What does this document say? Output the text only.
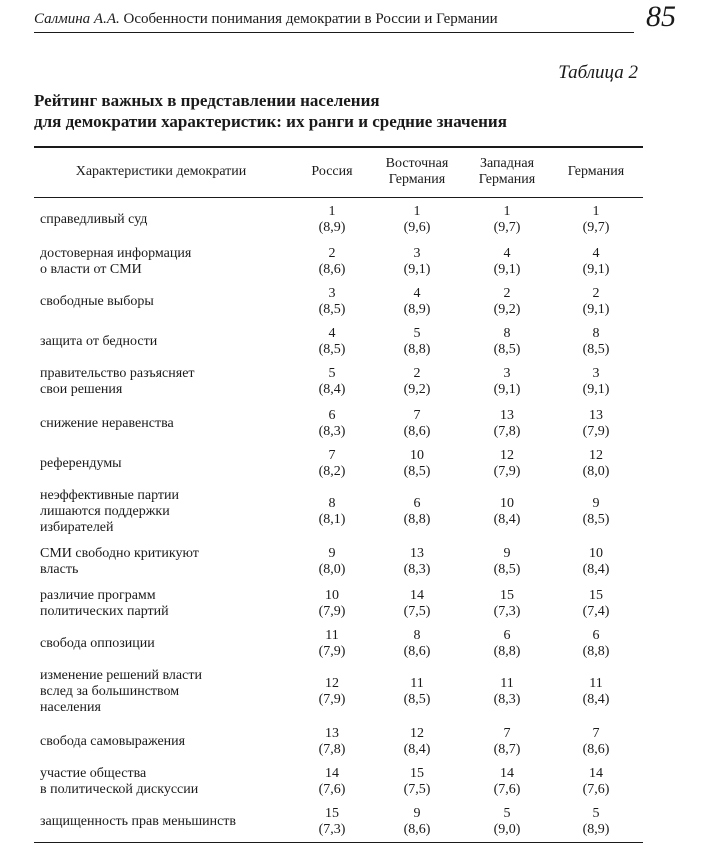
Салмина А.А. Особенности понимания демократии в России и Германии	85
Таблица 2
Рейтинг важных в представлении населения
для демократии характеристик: их ранги и средние значения
Характеристики демократии	Россия
Восточная
Германия
Западная
Германия
Германия
справедливый суд
1
(8,9)
1
(9,6)
1
(9,7)
1
(9,7)
достоверная информация
о власти от СМИ
2
(8,6)
3
(9,1)
4
(9,1)
4
(9,1)
свободные выборы
3
(8,5)
4
(8,9)
2
(9,2)
2
(9,1)
защита от бедности
4
(8,5)
5
(8,8)
8
(8,5)
8
(8,5)
правительство разъясняет
свои решения
5
(8,4)
2
(9,2)
3
(9,1)
3
(9,1)
снижение неравенства
6
(8,3)
7
(8,6)
13
(7,8)
13
(7,9)
референдумы
7
(8,2)
10
(8,5)
12
(7,9)
12
(8,0)
неэффективные партии
лишаются поддержки
избирателей
8
(8,1)
6
(8,8)
10
(8,4)
9
(8,5)
СМИ свободно критикуют
власть
9
(8,0)
13
(8,3)
9
(8,5)
10
(8,4)
различие программ
политических партий
10
(7,9)
14
(7,5)
15
(7,3)
15
(7,4)
свобода оппозиции
11
(7,9)
8
(8,6)
6
(8,8)
6
(8,8)
изменение решений власти
вслед за большинством
населения
12
(7,9)
11
(8,5)
11
(8,3)
11
(8,4)
свобода самовыражения
13
(7,8)
12
(8,4)
7
(8,7)
7
(8,6)
участие общества
в политической дискуссии
14
(7,6)
15
(7,5)
14
(7,6)
14
(7,6)
защищенность прав меньшинств
15
(7,3)
9
(8,6)
5
(9,0)
5
(8,9)
